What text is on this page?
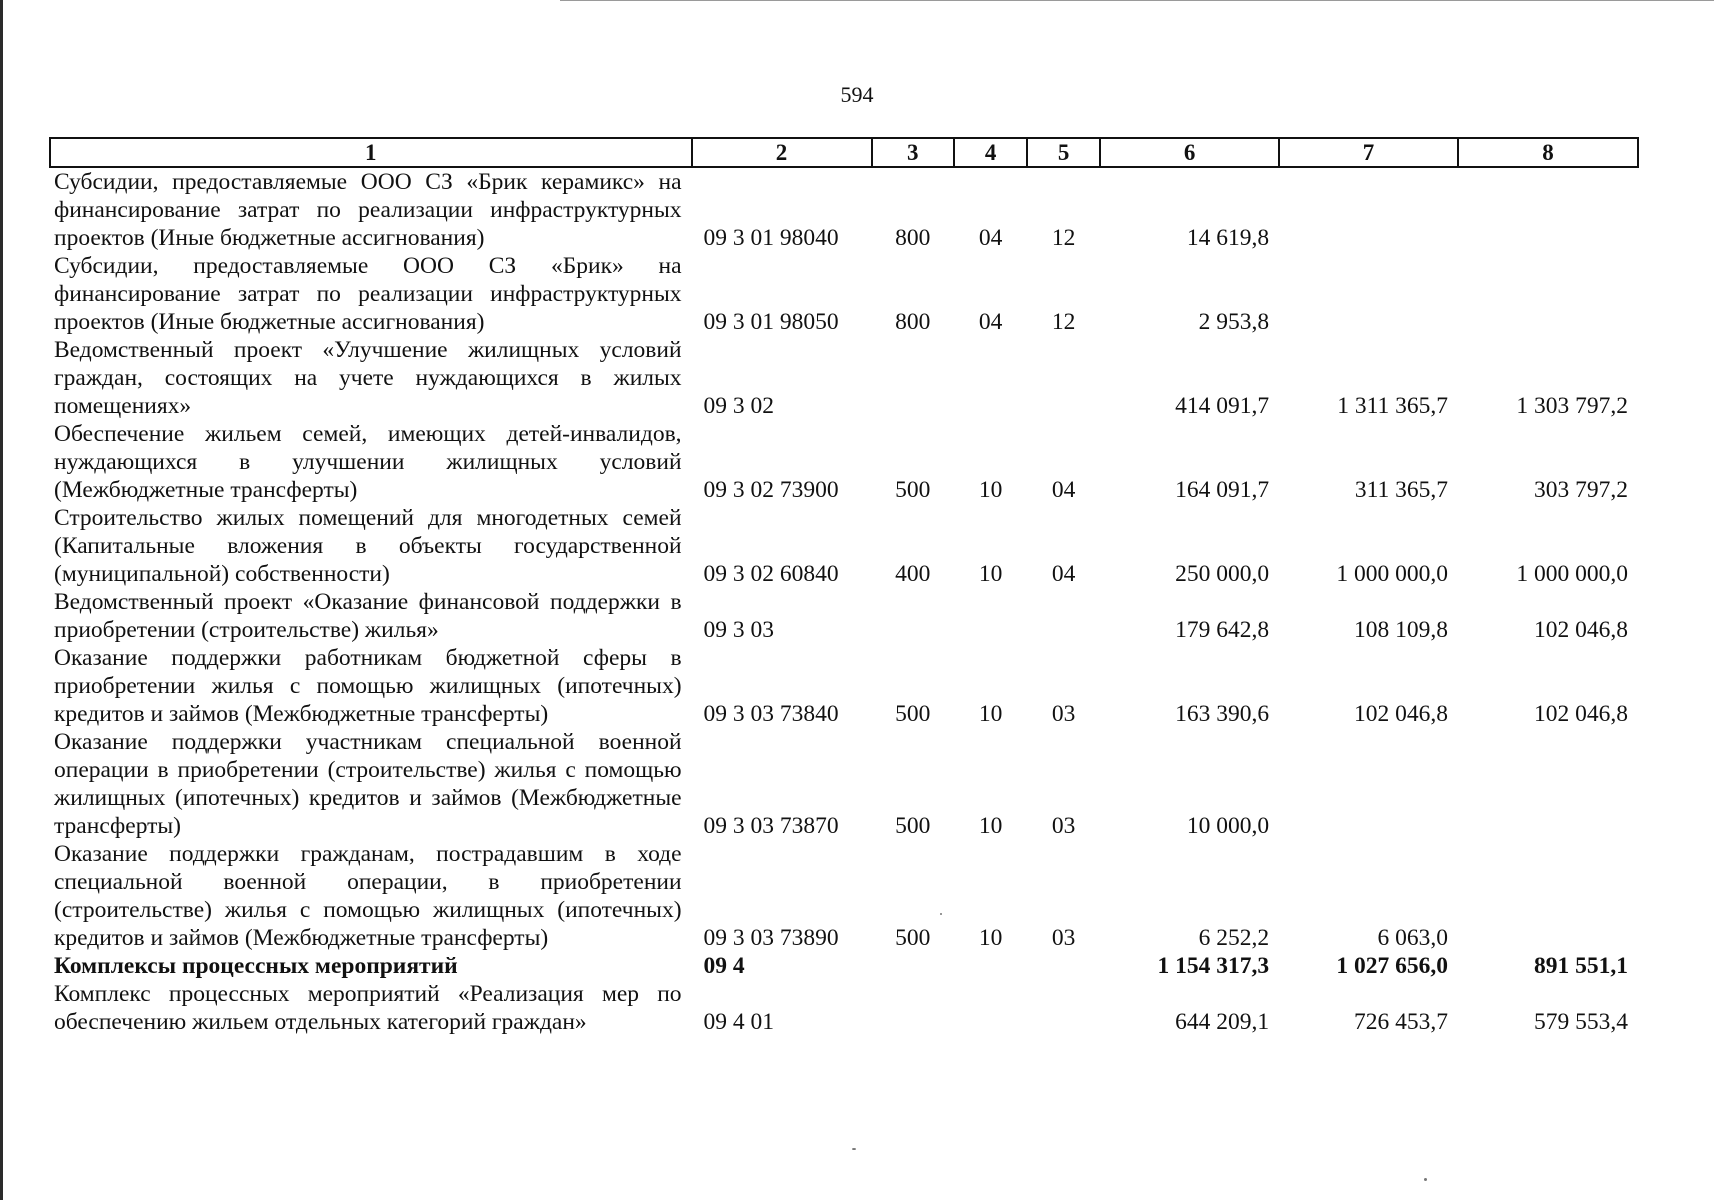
594
1	2	3	4	5	6	7	8
Субсидии, предоставляемые ООО СЗ «Брик керамикс» на финансирование затрат по реализации инфраструктурных проектов (Иные бюджетные ассигнования)	09 3 01 98040	800	04	12	14 619,8		
Субсидии, предоставляемые ООО СЗ «Брик» на финансирование затрат по реализации инфраструктурных проектов (Иные бюджетные ассигнования)	09 3 01 98050	800	04	12	2 953,8		
Ведомственный проект «Улучшение жилищных условий граждан, состоящих на учете нуждающихся в жилых помещениях»	09 3 02				414 091,7	1 311 365,7	1 303 797,2
Обеспечение жильем семей, имеющих детей-инвалидов, нуждающихся в улучшении жилищных условий (Межбюджетные трансферты)	09 3 02 73900	500	10	04	164 091,7	311 365,7	303 797,2
Строительство жилых помещений для многодетных семей (Капитальные вложения в объекты государственной (муниципальной) собственности)	09 3 02 60840	400	10	04	250 000,0	1 000 000,0	1 000 000,0
Ведомственный проект «Оказание финансовой поддержки в приобретении (строительстве) жилья»	09 3 03				179 642,8	108 109,8	102 046,8
Оказание поддержки работникам бюджетной сферы в приобретении жилья с помощью жилищных (ипотечных) кредитов и займов (Межбюджетные трансферты)	09 3 03 73840	500	10	03	163 390,6	102 046,8	102 046,8
Оказание поддержки участникам специальной военной операции в приобретении (строительстве) жилья с помощью жилищных (ипотечных) кредитов и займов (Межбюджетные трансферты)	09 3 03 73870	500	10	03	10 000,0		
Оказание поддержки гражданам, пострадавшим в ходе специальной военной операции, в приобретении (строительстве) жилья с помощью жилищных (ипотечных) кредитов и займов (Межбюджетные трансферты)	09 3 03 73890	500	10	03	6 252,2	6 063,0	
Комплексы процессных мероприятий	09 4				1 154 317,3	1 027 656,0	891 551,1
Комплекс процессных мероприятий «Реализация мер по обеспечению жильем отдельных категорий граждан»	09 4 01				644 209,1	726 453,7	579 553,4
